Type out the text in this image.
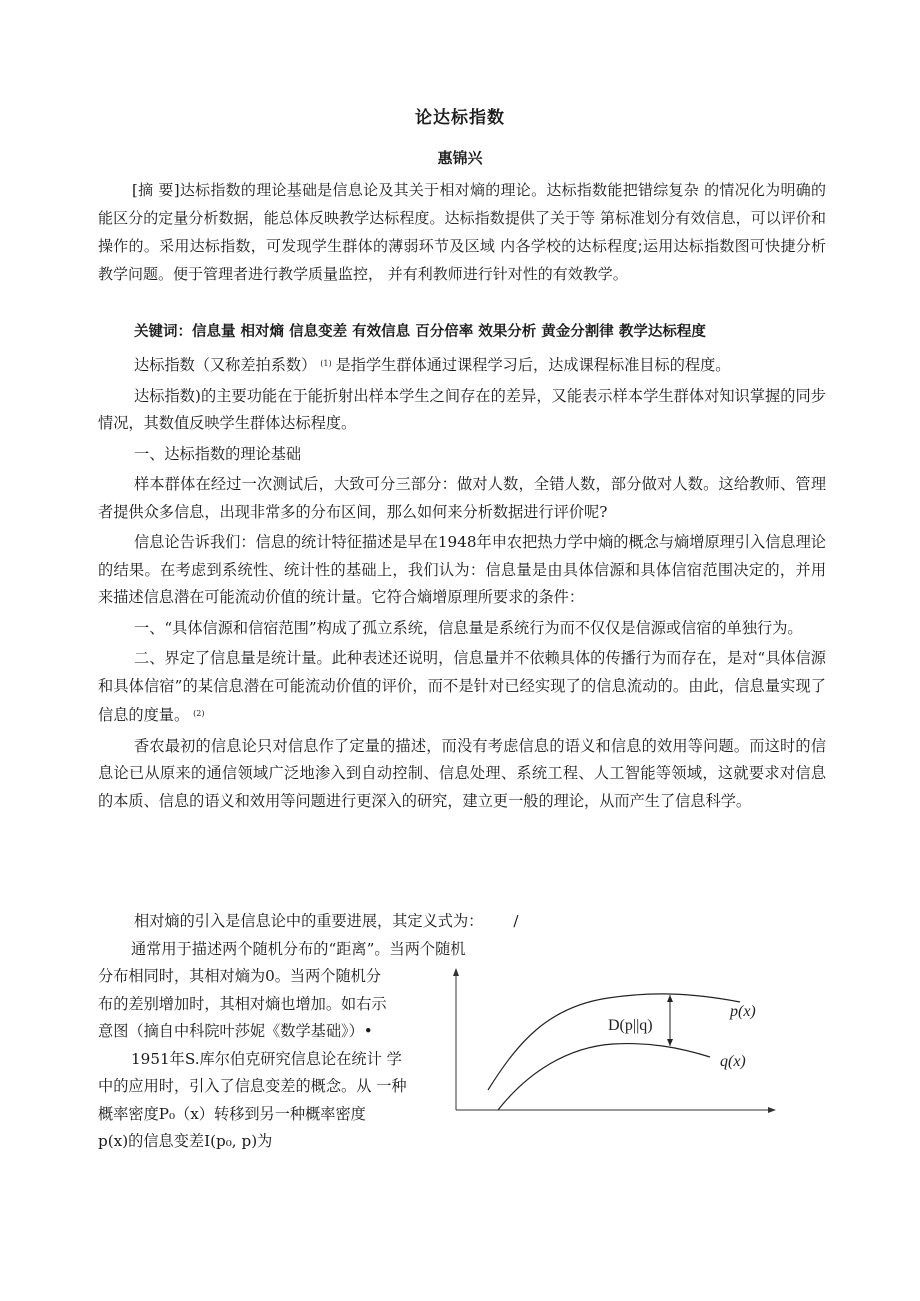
论达标指数
惠锦兴
[摘 要]达标指数的理论基础是信息论及其关于相对熵的理论。达标指数能把错综复杂 的情况化为明确的能区分的定量分析数据，能总体反映教学达标程度。达标指数提供了关于等 第标准划分有效信息，可以评价和操作的。采用达标指数，可发现学生群体的薄弱环节及区域 内各学校的达标程度;运用达标指数图可快捷分析教学问题。便于管理者进行教学质量监控， 并有利教师进行针对性的有效教学。
关键词：信息量 相对熵 信息变差 有效信息 百分倍率 效果分析 黄金分割律 教学达标程度

达标指数（又称差拍系数） $^{(1)}$ 是指学生群体通过课程学习后，达成课程标准目标的程度。

达标指数)的主要功能在于能折射出样本学生之间存在的差异，又能表示样本学生群体对知识掌握的同步情况，其数值反映学生群体达标程度。

一、达标指数的理论基础

样本群体在经过一次测试后，大致可分三部分：做对人数，全错人数，部分做对人数。这给教师、管理者提供众多信息，出现非常多的分布区间，那么如何来分析数据进行评价呢?

信息论告诉我们：信息的统计特征描述是早在1948年申农把热力学中熵的概念与熵增原理引入信息理论的结果。在考虑到系统性、统计性的基础上，我们认为：信息量是由具体信源和具体信宿范围决定的，并用来描述信息潜在可能流动价值的统计量。它符合熵增原理所要求的条件：

一、“具体信源和信宿范围”构成了孤立系统，信息量是系统行为而不仅仅是信源或信宿的单独行为。

二、界定了信息量是统计量。此种表述还说明，信息量并不依赖具体的传播行为而存在，是对“具体信源和具体信宿”的某信息潜在可能流动价值的评价，而不是针对已经实现了的信息流动的。由此，信息量实现了信息的度量。 $^{(2)}$

香农最初的信息论只对信息作了定量的描述，而没有考虑信息的语义和信息的效用等问题。而这时的信息论已从原来的通信领域广泛地渗入到自动控制、信息处理、系统工程、人工智能等领域，这就要求对信息的本质、信息的语义和效用等问题进行更深入的研究，建立更一般的理论，从而产生了信息科学。

相对熵的引入是信息论中的重要进展，其定义式为： /
通常用于描述两个随机分布的“距离”。当两个随机
分布相同时，其相对熵为0。当两个随机分
布的差别增加时，其相对熵也增加。如右示
意图（摘自中科院叶莎妮《数学基础》）•
1951年S.库尔伯克研究信息论在统计 学
中的应用时，引入了信息变差的概念。从 一种
概率密度P₀（x）转移到另一种概率密度
p(x)的信息变差I(p₀, p)为
D(p||q)
p(x)
q(x)
